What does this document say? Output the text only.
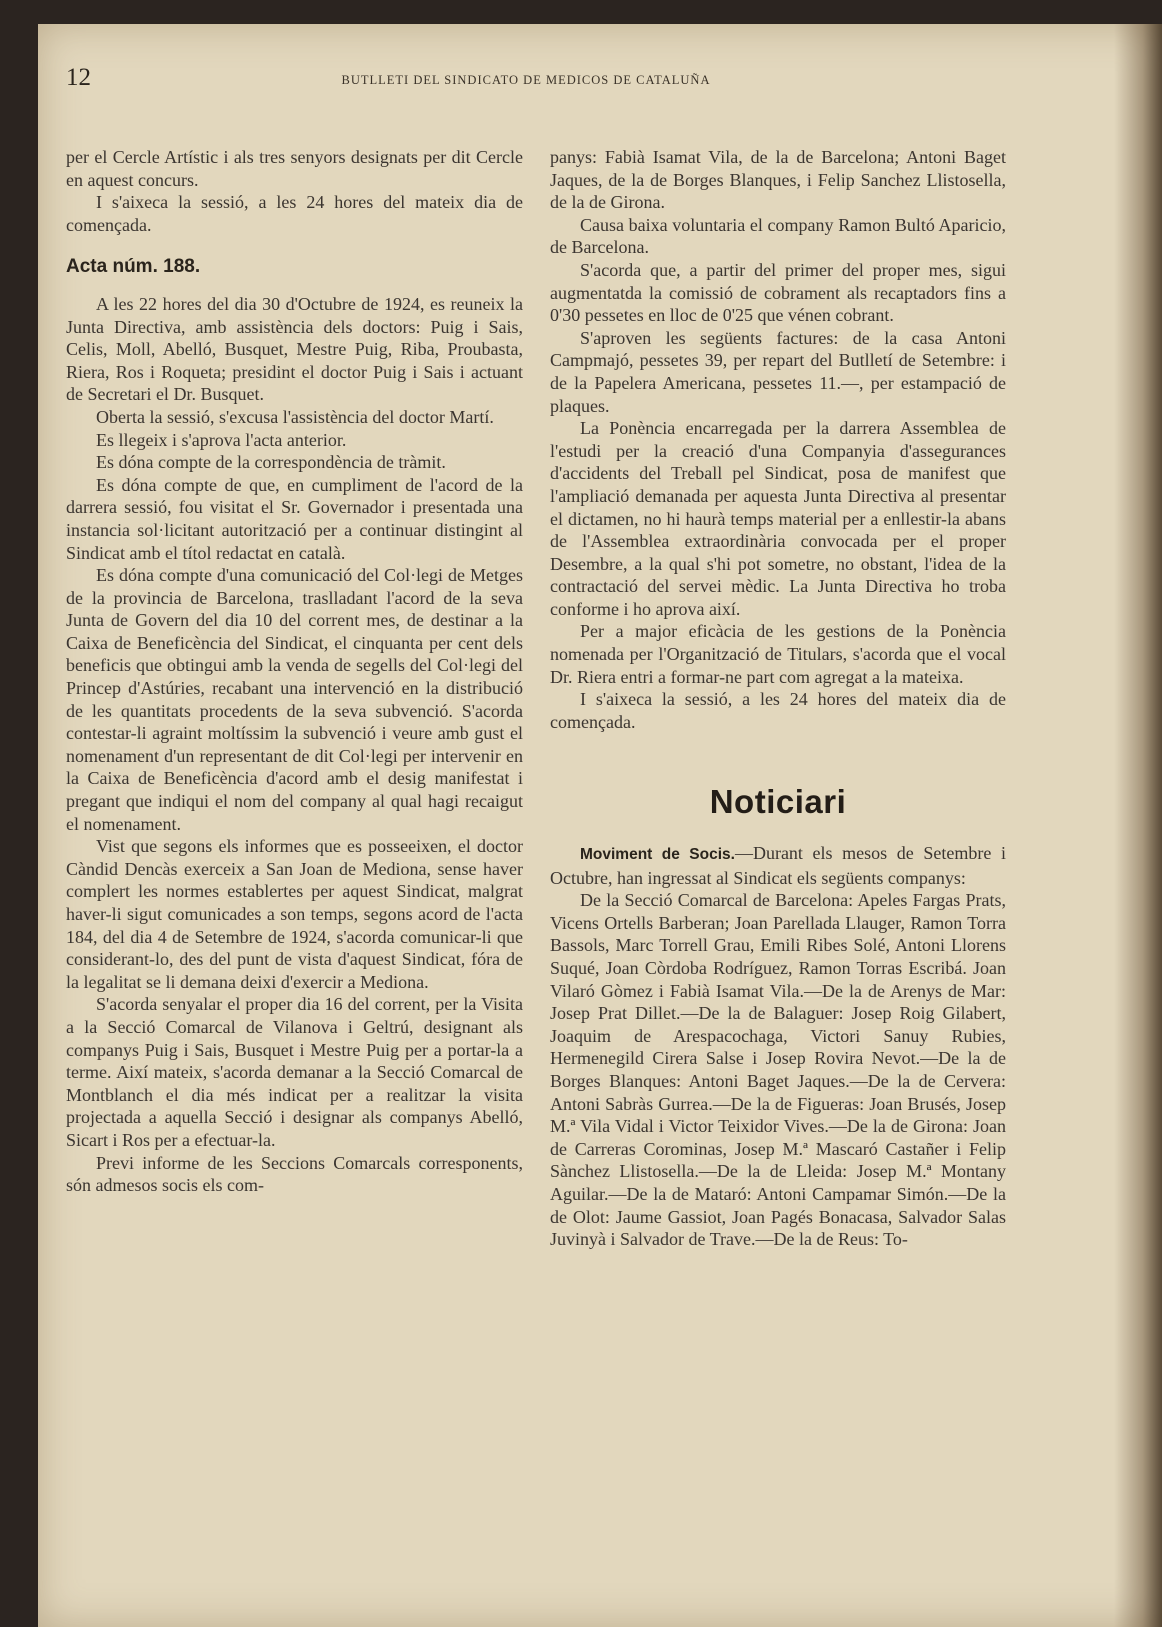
12	BUTLLETI DEL SINDICATO DE MEDICOS DE CATALUÑA

per el Cercle Artístic i als tres senyors designats per dit Cercle en aquest concurs.

I s'aixeca la sessió, a les 24 hores del mateix dia de començada.

Acta núm. 188.

A les 22 hores del dia 30 d'Octubre de 1924, es reuneix la Junta Directiva, amb assistència dels doctors: Puig i Sais, Celis, Moll, Abelló, Busquet, Mestre Puig, Riba, Proubasta, Riera, Ros i Roqueta; presidint el doctor Puig i Sais i actuant de Secretari el Dr. Busquet.

Oberta la sessió, s'excusa l'assistència del doctor Martí.

Es llegeix i s'aprova l'acta anterior.

Es dóna compte de la correspondència de tràmit.

Es dóna compte de que, en cumpliment de l'acord de la darrera sessió, fou visitat el Sr. Governador i presentada una instancia sol·licitant autorització per a continuar distingint al Sindicat amb el títol redactat en català.

Es dóna compte d'una comunicació del Col·legi de Metges de la provincia de Barcelona, traslladant l'acord de la seva Junta de Govern del dia 10 del corrent mes, de destinar a la Caixa de Beneficència del Sindicat, el cinquanta per cent dels beneficis que obtingui amb la venda de segells del Col·legi del Princep d'Astúries, recabant una intervenció en la distribució de les quantitats procedents de la seva subvenció. S'acorda contestar-li agraint moltíssim la subvenció i veure amb gust el nomenament d'un representant de dit Col·legi per intervenir en la Caixa de Beneficència d'acord amb el desig manifestat i pregant que indiqui el nom del company al qual hagi recaigut el nomenament.

Vist que segons els informes que es posseeixen, el doctor Càndid Dencàs exerceix a San Joan de Mediona, sense haver complert les normes establertes per aquest Sindicat, malgrat haver-li sigut comunicades a son temps, segons acord de l'acta 184, del dia 4 de Setembre de 1924, s'acorda comunicar-li que considerant-lo, des del punt de vista d'aquest Sindicat, fóra de la legalitat se li demana deixi d'exercir a Mediona.

S'acorda senyalar el proper dia 16 del corrent, per la Visita a la Secció Comarcal de Vilanova i Geltrú, designant als companys Puig i Sais, Busquet i Mestre Puig per a portar-la a terme. Així mateix, s'acorda demanar a la Secció Comarcal de Montblanch el dia més indicat per a realitzar la visita projectada a aquella Secció i designar als companys Abelló, Sicart i Ros per a efectuar-la.

Previ informe de les Seccions Comarcals corresponents, són admesos socis els com-

panys: Fabià Isamat Vila, de la de Barcelona; Antoni Baget Jaques, de la de Borges Blanques, i Felip Sanchez Llistosella, de la de Girona.

Causa baixa voluntaria el company Ramon Bultó Aparicio, de Barcelona.

S'acorda que, a partir del primer del proper mes, sigui augmentatda la comissió de cobrament als recaptadors fins a 0'30 pessetes en lloc de 0'25 que vénen cobrant.

S'aproven les següents factures: de la casa Antoni Campmajó, pessetes 39, per repart del Butlletí de Setembre: i de la Papelera Americana, pessetes 11.—, per estampació de plaques.

La Ponència encarregada per la darrera Assemblea de l'estudi per la creació d'una Companyia d'assegurances d'accidents del Treball pel Sindicat, posa de manifest que l'ampliació demanada per aquesta Junta Directiva al presentar el dictamen, no hi haurà temps material per a enllestir-la abans de l'Assemblea extraordinària convocada per el proper Desembre, a la qual s'hi pot sometre, no obstant, l'idea de la contractació del servei mèdic. La Junta Directiva ho troba conforme i ho aprova així.

Per a major eficàcia de les gestions de la Ponència nomenada per l'Organització de Titulars, s'acorda que el vocal Dr. Riera entri a formar-ne part com agregat a la mateixa.

I s'aixeca la sessió, a les 24 hores del mateix dia de començada.

Noticiari

Moviment de Socis.—Durant els mesos de Setembre i Octubre, han ingressat al Sindicat els següents companys:

De la Secció Comarcal de Barcelona: Apeles Fargas Prats, Vicens Ortells Barberan; Joan Parellada Llauger, Ramon Torra Bassols, Marc Torrell Grau, Emili Ribes Solé, Antoni Llorens Suqué, Joan Còrdoba Rodríguez, Ramon Torras Escribá. Joan Vilaró Gòmez i Fabià Isamat Vila.—De la de Arenys de Mar: Josep Prat Dillet.—De la de Balaguer: Josep Roig Gilabert, Joaquim de Arespacochaga, Victori Sanuy Rubies, Hermenegild Cirera Salse i Josep Rovira Nevot.—De la de Borges Blanques: Antoni Baget Jaques.—De la de Cervera: Antoni Sabràs Gurrea.—De la de Figueras: Joan Brusés, Josep M.ª Vila Vidal i Victor Teixidor Vives.—De la de Girona: Joan de Carreras Corominas, Josep M.ª Mascaró Castañer i Felip Sànchez Llistosella.—De la de Lleida: Josep M.ª Montany Aguilar.—De la de Mataró: Antoni Campamar Simón.—De la de Olot: Jaume Gassiot, Joan Pagés Bonacasa, Salvador Salas Juvinyà i Salvador de Trave.—De la de Reus: To-
